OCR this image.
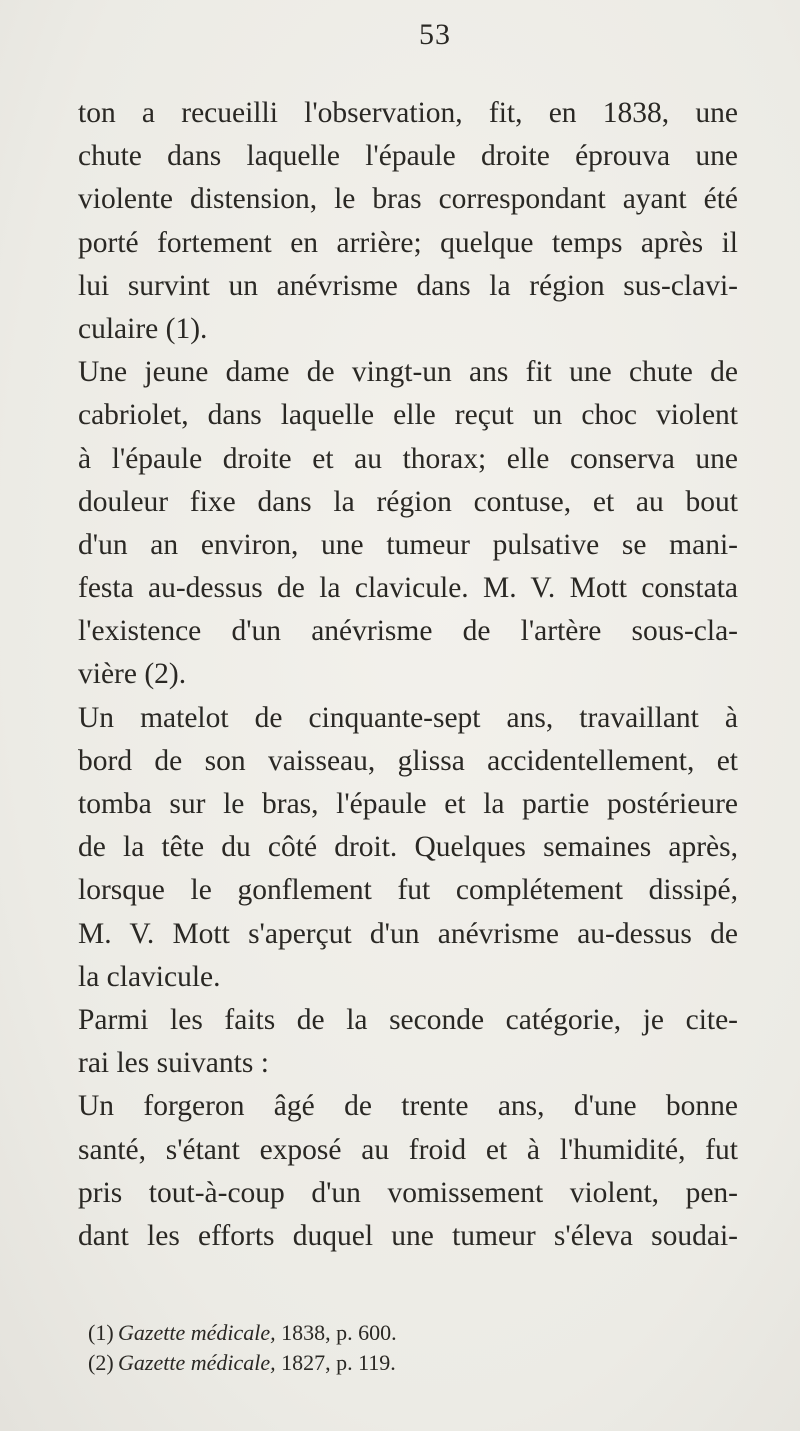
53
ton a recueilli l'observation, fit, en 1838, une
chute dans laquelle l'épaule droite éprouva une
violente distension, le bras correspondant ayant été
porté fortement en arrière; quelque temps après il
lui survint un anévrisme dans la région sus-clavi-
culaire (1).
Une jeune dame de vingt-un ans fit une chute de
cabriolet, dans laquelle elle reçut un choc violent
à l'épaule droite et au thorax; elle conserva une
douleur fixe dans la région contuse, et au bout
d'un an environ, une tumeur pulsative se mani-
festa au-dessus de la clavicule. M. V. Mott constata
l'existence d'un anévrisme de l'artère sous-cla-
vière (2).
Un matelot de cinquante-sept ans, travaillant à
bord de son vaisseau, glissa accidentellement, et
tomba sur le bras, l'épaule et la partie postérieure
de la tête du côté droit. Quelques semaines après,
lorsque le gonflement fut complétement dissipé,
M. V. Mott s'aperçut d'un anévrisme au-dessus de
la clavicule.
Parmi les faits de la seconde catégorie, je cite-
rai les suivants :
Un forgeron âgé de trente ans, d'une bonne
santé, s'étant exposé au froid et à l'humidité, fut
pris tout-à-coup d'un vomissement violent, pen-
dant les efforts duquel une tumeur s'éleva soudai-
(1) Gazette médicale, 1838, p. 600.
(2) Gazette médicale, 1827, p. 119.
